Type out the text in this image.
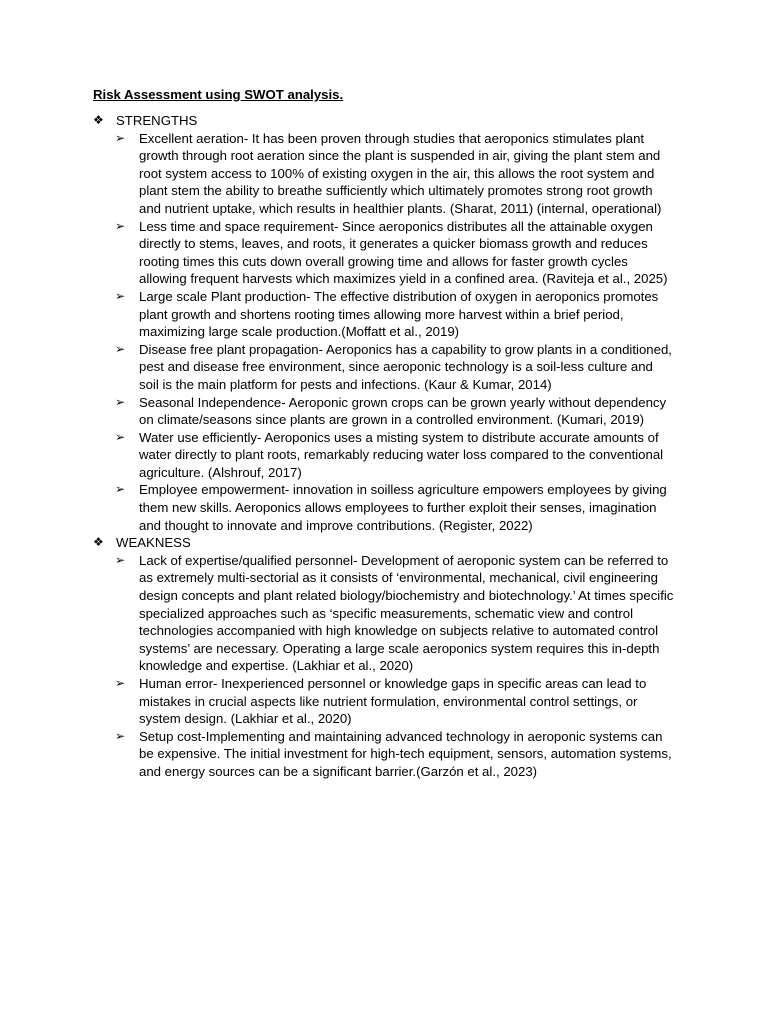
Risk Assessment using SWOT analysis.
❖ STRENGTHS
➢ Excellent aeration- It has been proven through studies that aeroponics stimulates plant growth through root aeration since the plant is suspended in air, giving the plant stem and root system access to 100% of existing oxygen in the air, this allows the root system and plant stem the ability to breathe sufficiently which ultimately promotes strong root growth and nutrient uptake, which results in healthier plants. (Sharat, 2011) (internal, operational)
➢ Less time and space requirement- Since aeroponics distributes all the attainable oxygen directly to stems, leaves, and roots, it generates a quicker biomass growth and reduces rooting times this cuts down overall growing time and allows for faster growth cycles allowing frequent harvests which maximizes yield in a confined area. (Raviteja et al., 2025)
➢ Large scale Plant production- The effective distribution of oxygen in aeroponics promotes plant growth and shortens rooting times allowing more harvest within a brief period, maximizing large scale production.(Moffatt et al., 2019)
➢ Disease free plant propagation- Aeroponics has a capability to grow plants in a conditioned, pest and disease free environment, since aeroponic technology is a soil-less culture and soil is the main platform for pests and infections. (Kaur & Kumar, 2014)
➢ Seasonal Independence- Aeroponic grown crops can be grown yearly without dependency on climate/seasons since plants are grown in a controlled environment. (Kumari, 2019)
➢ Water use efficiently- Aeroponics uses a misting system to distribute accurate amounts of water directly to plant roots, remarkably reducing water loss compared to the conventional agriculture. (Alshrouf, 2017)
➢ Employee empowerment- innovation in soilless agriculture empowers employees by giving them new skills. Aeroponics allows employees to further exploit their senses, imagination and thought to innovate and improve contributions. (Register, 2022)
❖ WEAKNESS
➢ Lack of expertise/qualified personnel- Development of aeroponic system can be referred to as extremely multi-sectorial as it consists of ‘environmental, mechanical, civil engineering design concepts and plant related biology/biochemistry and biotechnology.’ At times specific specialized approaches such as ‘specific measurements, schematic view and control technologies accompanied with high knowledge on subjects relative to automated control systems’ are necessary. Operating a large scale aeroponics system requires this in-depth knowledge and expertise. (Lakhiar et al., 2020)
➢ Human error- Inexperienced personnel or knowledge gaps in specific areas can lead to mistakes in crucial aspects like nutrient formulation, environmental control settings, or system design. (Lakhiar et al., 2020)
➢ Setup cost-Implementing and maintaining advanced technology in aeroponic systems can be expensive. The initial investment for high-tech equipment, sensors, automation systems, and energy sources can be a significant barrier.(Garzón et al., 2023)
